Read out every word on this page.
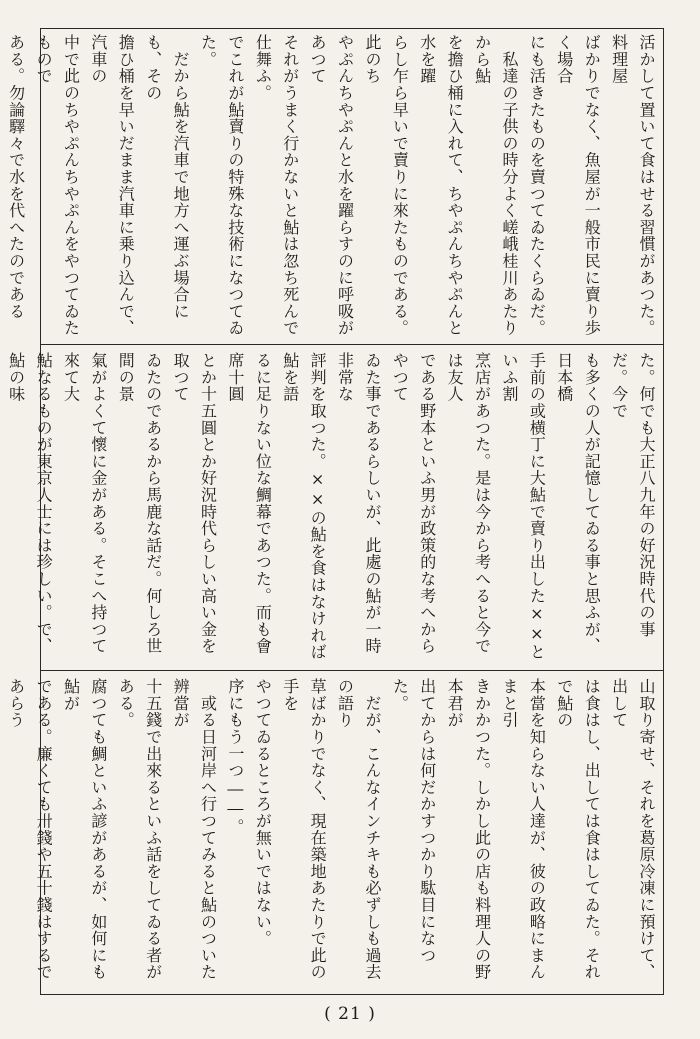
活かして置いて食はせる習慣があつた。料理屋
ばかりでなく、魚屋が一般市民に賣り歩く場合
にも活きたものを賣つてゐたくらゐだ。
　私達の子供の時分よく嵯峨桂川あたりから鮎
を擔ひ桶に入れて、ちやぷんちやぷんと水を躍
らし乍ら早いで賣りに來たものである。此のち
やぷんちやぷんと水を躍らすのに呼吸があつて
それがうまく行かないと鮎は忽ち死んで仕舞ふ。
でこれが鮎賣りの特殊な技術になつてゐた。
　だから鮎を汽車で地方へ運ぶ場合にも、その
擔ひ桶を早いだまま汽車に乗り込んで、汽車の
中で此のちやぷんちやぷんをやつてゐたもので
ある。勿論驛々で水を代へたのである

た。何でも大正八九年の好況時代の事だ。今で
も多くの人が記憶してゐる事と思ふが、日本橋
手前の或横丁に大鮎で賣り出した××といふ割
烹店があつた。是は今から考へると今では友人
である野本といふ男が政策的な考へからやつて
ゐた事であるらしいが、此處の鮎が一時非常な
評判を取つた。××の鮎を食はなければ鮎を語
るに足りない位な鯛幕であつた。而も會席十圓
とか十五圓とか好況時代らしい高い金を取つて
ゐたのであるから馬鹿な話だ。何しろ世間の景
氣がよくて懷に金がある。そこへ持つて來て大
鮎なるものが東京人士には珍しい。で、鮎の味

山取り寄せ、それを葛原冷凍に預けて、出して
は食はし、出しては食はしてゐた。それで鮎の
本當を知らない人達が、彼の政略にまんまと引
きかかつた。しかし此の店も料理人の野本君が
出てからは何だかすつかり駄目になつた。
　だが、こんなインチキも必ずしも過去の語り
草ばかりでなく、現在築地あたりで此の手を
やつてゐるところが無いではない。
序にもう一つ――。
　或る日河岸へ行つてみると鮎のついた辨當が
十五錢で出來るといふ話をしてゐる者がある。
腐つても鯛といふ諺があるが、如何にも鮎が
である。廉くても卅錢や五十錢はするであらう

( 21 )
